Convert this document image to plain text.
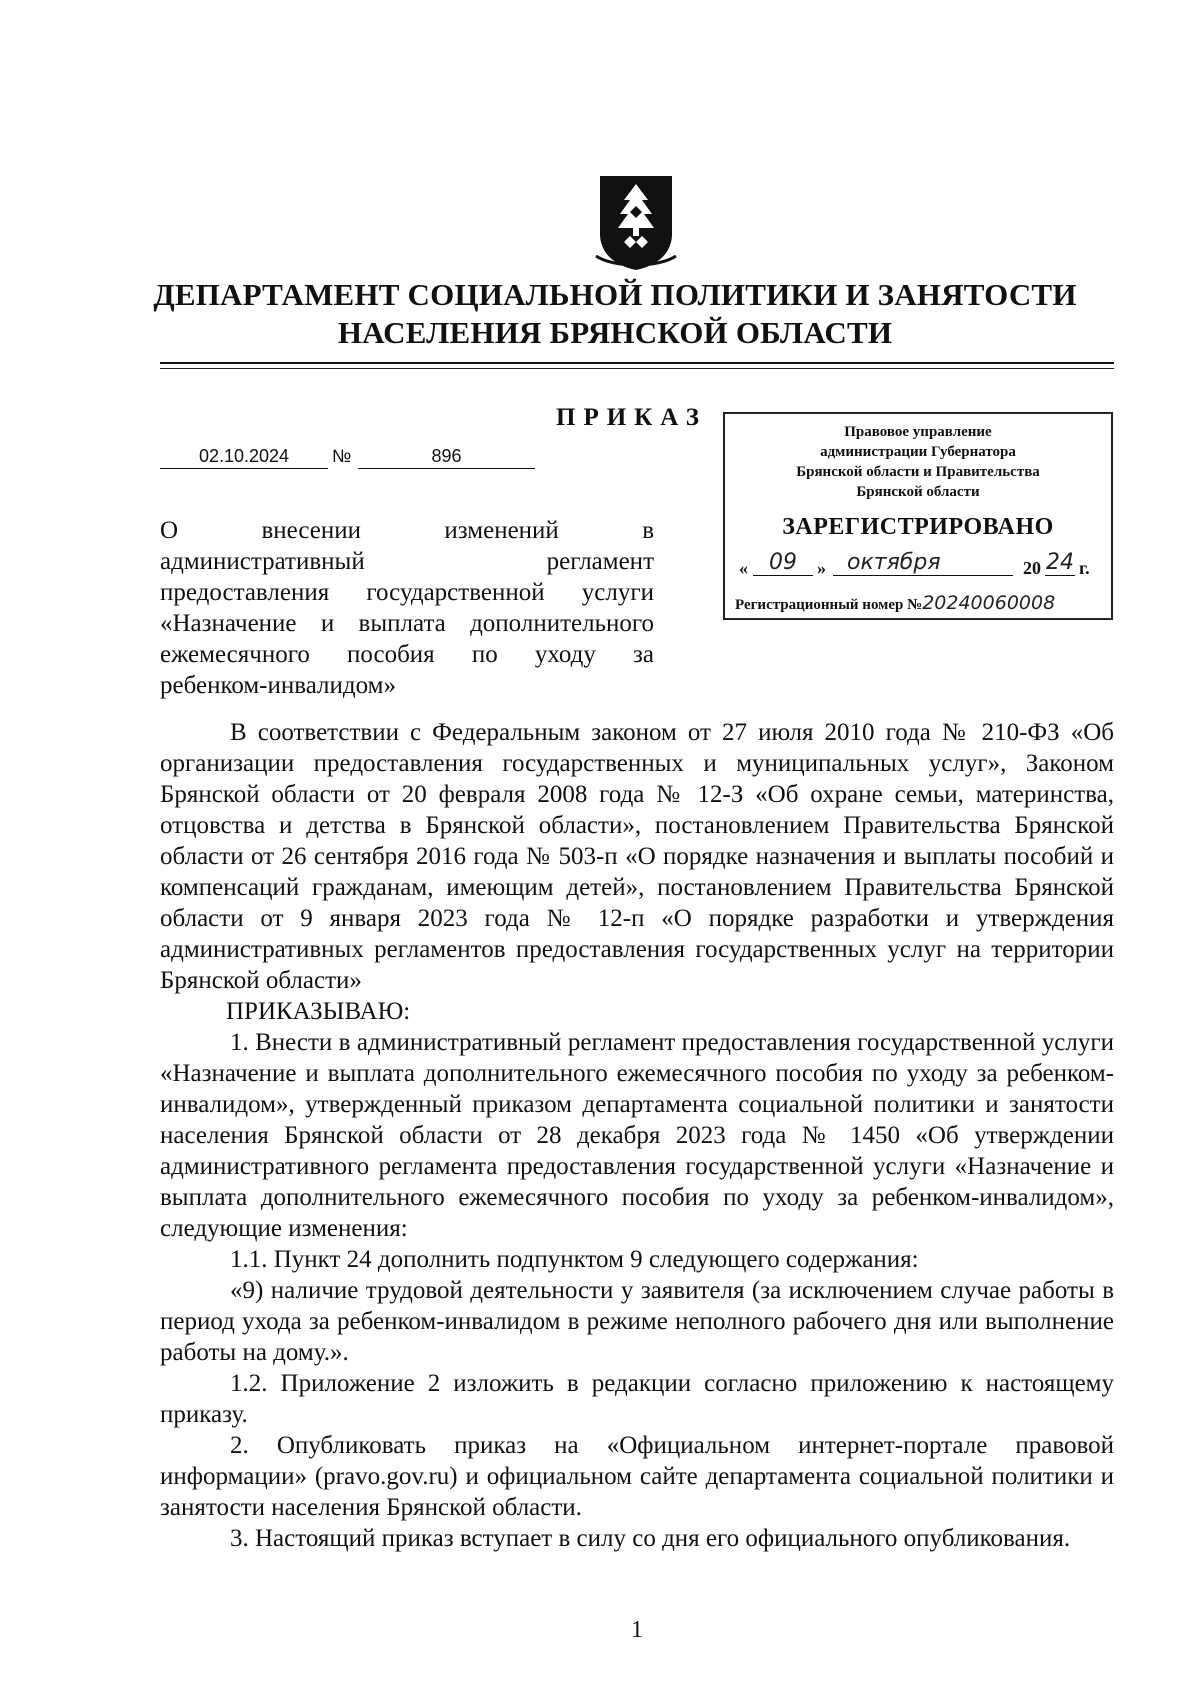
ДЕПАРТАМЕНТ СОЦИАЛЬНОЙ ПОЛИТИКИ И ЗАНЯТОСТИ
НАСЕЛЕНИЯ БРЯНСКОЙ ОБЛАСТИ
ПРИКАЗ
02.10.2024	№	896
О внесении изменений в
административный регламент
предоставления государственной услуги
«Назначение и выплата дополнительного
ежемесячного пособия по уходу за
ребенком-инвалидом»
Правовое управление
администрации Губернатора
Брянской области и Правительства
Брянской области
ЗАРЕГИСТРИРОВАНО
« 09	» октября	20 24 г.
Регистрационный номер №20240060008

В соответствии с Федеральным законом от 27 июля 2010 года № 210-ФЗ «Об организации предоставления государственных и муниципальных услуг», Законом Брянской области от 20 февраля 2008 года № 12-З «Об охране семьи, материнства, отцовства и детства в Брянской области», постановлением Правительства Брянской области от 26 сентября 2016 года № 503-п «О порядке назначения и выплаты пособий и компенсаций гражданам, имеющим детей», постановлением Правительства Брянской области от 9 января 2023 года № 12-п «О порядке разработки и утверждения административных регламентов предоставления государственных услуг на территории Брянской области»

ПРИКАЗЫВАЮ:

1. Внести в административный регламент предоставления государственной услуги «Назначение и выплата дополнительного ежемесячного пособия по уходу за ребенком-инвалидом», утвержденный приказом департамента социальной политики и занятости населения Брянской области от 28 декабря 2023 года № 1450 «Об утверждении административного регламента предоставления государственной услуги «Назначение и выплата дополнительного ежемесячного пособия по уходу за ребенком-инвалидом», следующие изменения:

1.1. Пункт 24 дополнить подпунктом 9 следующего содержания:

«9) наличие трудовой деятельности у заявителя (за исключением случае работы в период ухода за ребенком-инвалидом в режиме неполного рабочего дня или выполнение работы на дому.».

1.2. Приложение 2 изложить в редакции согласно приложению к настоящему приказу.

2. Опубликовать приказ на «Официальном интернет-портале правовой информации» (pravo.gov.ru) и официальном сайте департамента социальной политики и занятости населения Брянской области.

3. Настоящий приказ вступает в силу со дня его официального опубликования.

1
